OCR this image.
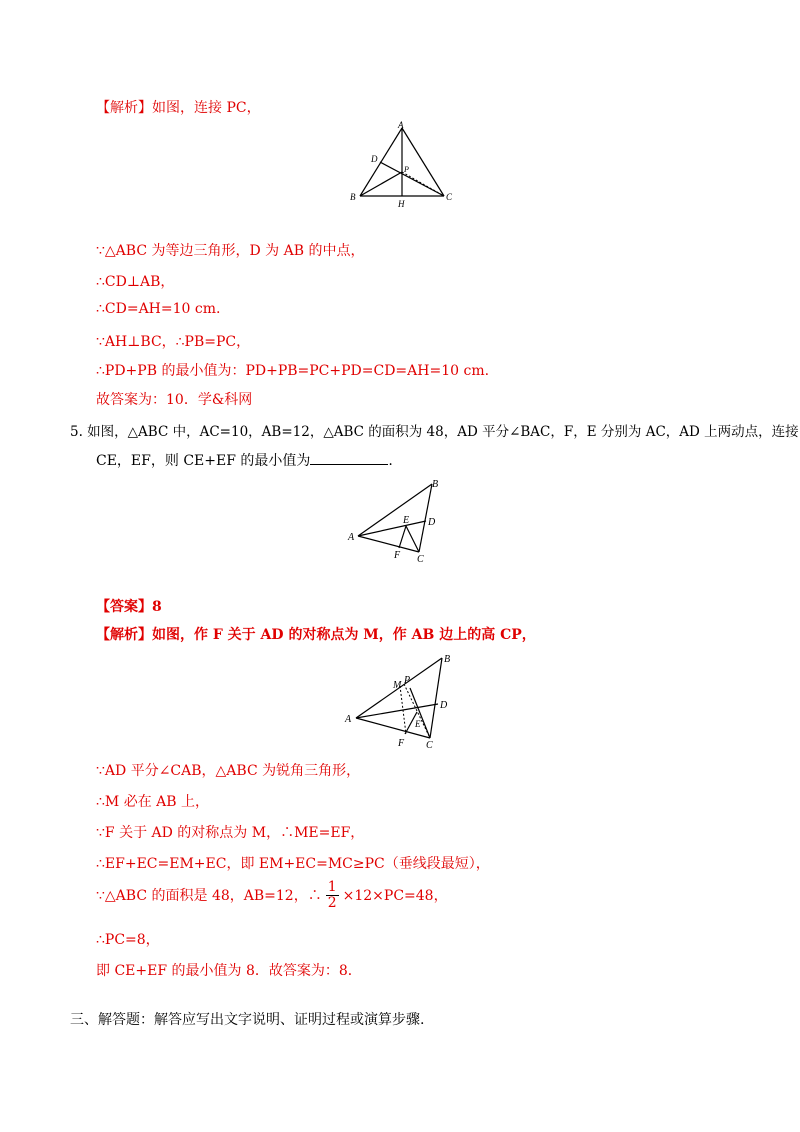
【解析】如图，连接 PC，
A
D
P
B
H
C
∵△ABC 为等边三角形，D 为 AB 的中点，
∴CD⊥AB，
∴CD=AH=10 cm.
∵AH⊥BC，∴PB=PC，
∴PD+PB 的最小值为：PD+PB=PC+PD=CD=AH=10 cm.
故答案为：10．学&科网
5. 如图，△ABC 中，AC=10，AB=12，△ABC 的面积为 48，AD 平分∠BAC，F，E 分别为 AC，AD 上两动点，连接
CE，EF，则 CE+EF 的最小值为	.
B
E D
A
F C
【答案】8
【解析】如图，作 F 关于 AD 的对称点为 M，作 AB 边上的高 CP，
B
M P
D
E
A
F C
∵AD 平分∠CAB，△ABC 为锐角三角形，
∴M 必在 AB 上，
∵F 关于 AD 的对称点为 M，∴ME=EF，
∴EF+EC=EM+EC，即 EM+EC=MC≥PC（垂线段最短），
∵△ABC 的面积是 48，AB=12，∴ $\frac{1}{2} \times 12\times PC=48$，
∴PC=8，
即 CE+EF 的最小值为 8．故答案为：8．
三、解答题：解答应写出文字说明、证明过程或演算步骤.
